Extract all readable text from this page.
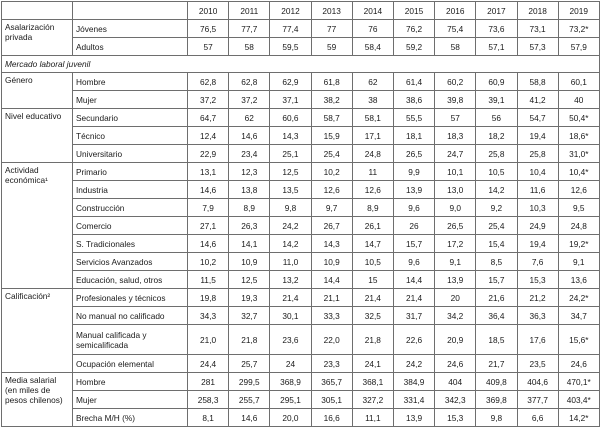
		2010	2011	2012	2013	2014	2015	2016	2017	2018	2019
Asalarización privada	Jóvenes	76,5	77,7	77,4	77	76	76,2	75,4	73,6	73,1	73,2*
	Adultos	57	58	59,5	59	58,4	59,2	58	57,1	57,3	57,9
Mercado laboral juvenil											
Género	Hombre	62,8	62,8	62,9	61,8	62	61,4	60,2	60,9	58,8	60,1
	Mujer	37,2	37,2	37,1	38,2	38	38,6	39,8	39,1	41,2	40
Nivel educativo	Secundario	64,7	62	60,6	58,7	58,1	55,5	57	56	54,7	50,4*
	Técnico	12,4	14,6	14,3	15,9	17,1	18,1	18,3	18,2	19,4	18,6*
	Universitario	22,9	23,4	25,1	25,4	24,8	26,5	24,7	25,8	25,8	31,0*
Actividad económica¹	Primario	13,1	12,3	12,5	10,2	11	9,9	10,1	10,5	10,4	10,4*
	Industria	14,6	13,8	13,5	12,6	12,6	13,9	13,0	14,2	11,6	12,6
	Construcción	7,9	8,9	9,8	9,7	8,9	9,6	9,0	9,2	10,3	9,5
	Comercio	27,1	26,3	24,2	26,7	26,1	26	26,5	25,4	24,9	24,8
	S. Tradicionales	14,6	14,1	14,2	14,3	14,7	15,7	17,2	15,4	19,4	19,2*
	Servicios Avanzados	10,2	10,9	11,0	10,9	10,5	9,6	9,1	8,5	7,6	9,1
	Educación, salud, otros	11,5	12,5	13,2	14,4	15	14,4	13,9	15,7	15,3	13,6
Calificación²	Profesionales y técnicos	19,8	19,3	21,4	21,1	21,4	21,4	20	21,6	21,2	24,2*
	No manual no calificado	34,3	32,7	30,1	33,3	32,5	31,7	34,2	36,4	36,3	34,7
	Manual calificada y semicalificada	21,0	21,8	23,6	22,0	21,8	22,6	20,9	18,5	17,6	15,6*
	Ocupación elemental	24,4	25,7	24	23,3	24,1	24,2	24,6	21,7	23,5	24,6
Media salarial (en miles de pesos chilenos)	Hombre	281	299,5	368,9	365,7	368,1	384,9	404	409,8	404,6	470,1*
	Mujer	258,3	255,7	295,1	305,1	327,2	331,4	342,3	369,8	377,7	403,4*
	Brecha M/H (%)	8,1	14,6	20,0	16,6	11,1	13,9	15,3	9,8	6,6	14,2*
